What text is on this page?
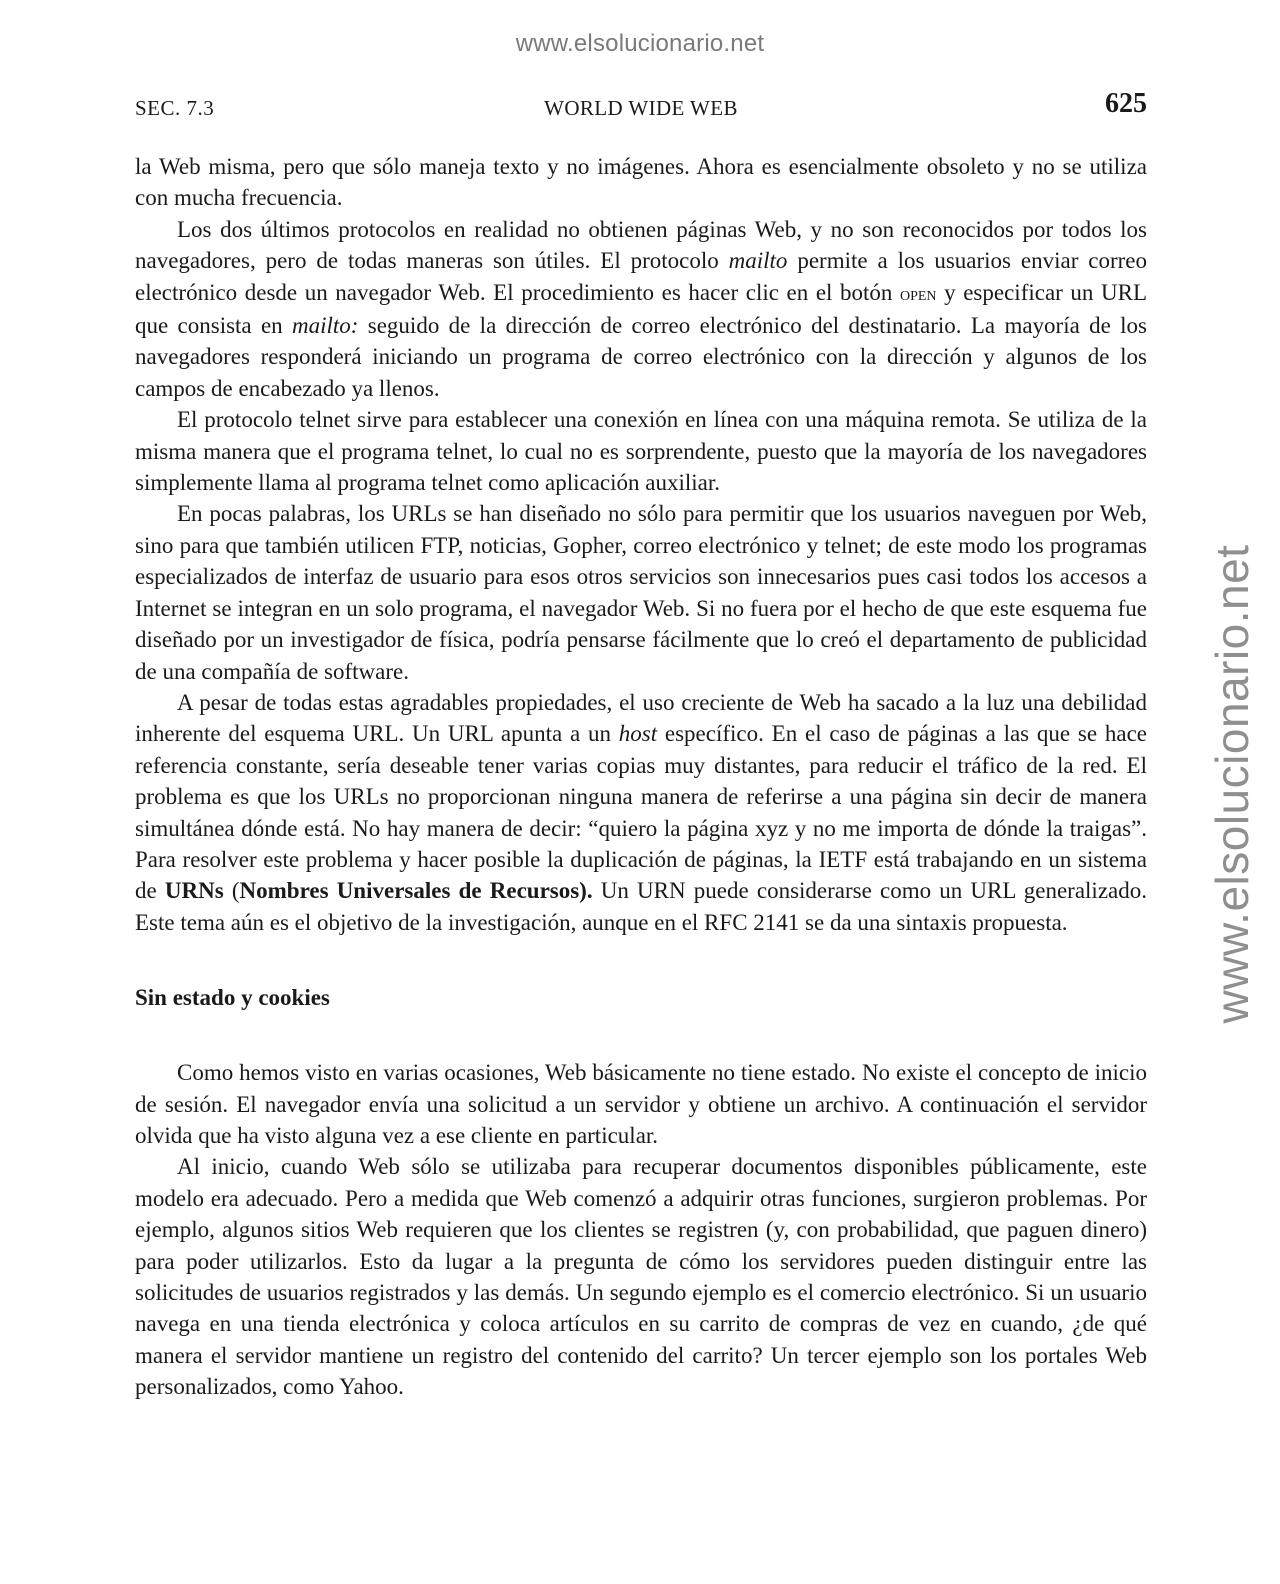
www.elsolucionario.net
www.elsolucionario.net
SEC. 7.3	WORLD WIDE WEB	625

la Web misma, pero que sólo maneja texto y no imágenes. Ahora es esencialmente obsoleto y no se utiliza con mucha frecuencia.

Los dos últimos protocolos en realidad no obtienen páginas Web, y no son reconocidos por todos los navegadores, pero de todas maneras son útiles. El protocolo mailto permite a los usuarios enviar correo electrónico desde un navegador Web. El procedimiento es hacer clic en el botón open y especificar un URL que consista en mailto: seguido de la dirección de correo electrónico del destinatario. La mayoría de los navegadores responderá iniciando un programa de correo electrónico con la dirección y algunos de los campos de encabezado ya llenos.

El protocolo telnet sirve para establecer una conexión en línea con una máquina remota. Se utiliza de la misma manera que el programa telnet, lo cual no es sorprendente, puesto que la mayoría de los navegadores simplemente llama al programa telnet como aplicación auxiliar.

En pocas palabras, los URLs se han diseñado no sólo para permitir que los usuarios naveguen por Web, sino para que también utilicen FTP, noticias, Gopher, correo electrónico y telnet; de este modo los programas especializados de interfaz de usuario para esos otros servicios son innecesarios pues casi todos los accesos a Internet se integran en un solo programa, el navegador Web. Si no fuera por el hecho de que este esquema fue diseñado por un investigador de física, podría pensarse fácilmente que lo creó el departamento de publicidad de una compañía de software.

A pesar de todas estas agradables propiedades, el uso creciente de Web ha sacado a la luz una debilidad inherente del esquema URL. Un URL apunta a un host específico. En el caso de páginas a las que se hace referencia constante, sería deseable tener varias copias muy distantes, para reducir el tráfico de la red. El problema es que los URLs no proporcionan ninguna manera de referirse a una página sin decir de manera simultánea dónde está. No hay manera de decir: “quiero la página xyz y no me importa de dónde la traigas”. Para resolver este problema y hacer posible la duplicación de páginas, la IETF está trabajando en un sistema de URNs (Nombres Universales de Recursos). Un URN puede considerarse como un URL generalizado. Este tema aún es el objetivo de la investigación, aunque en el RFC 2141 se da una sintaxis propuesta.

Sin estado y cookies

Como hemos visto en varias ocasiones, Web básicamente no tiene estado. No existe el concepto de inicio de sesión. El navegador envía una solicitud a un servidor y obtiene un archivo. A continuación el servidor olvida que ha visto alguna vez a ese cliente en particular.

Al inicio, cuando Web sólo se utilizaba para recuperar documentos disponibles públicamente, este modelo era adecuado. Pero a medida que Web comenzó a adquirir otras funciones, surgieron problemas. Por ejemplo, algunos sitios Web requieren que los clientes se registren (y, con probabilidad, que paguen dinero) para poder utilizarlos. Esto da lugar a la pregunta de cómo los servidores pueden distinguir entre las solicitudes de usuarios registrados y las demás. Un segundo ejemplo es el comercio electrónico. Si un usuario navega en una tienda electrónica y coloca artículos en su carrito de compras de vez en cuando, ¿de qué manera el servidor mantiene un registro del contenido del carrito? Un tercer ejemplo son los portales Web personalizados, como Yahoo.
